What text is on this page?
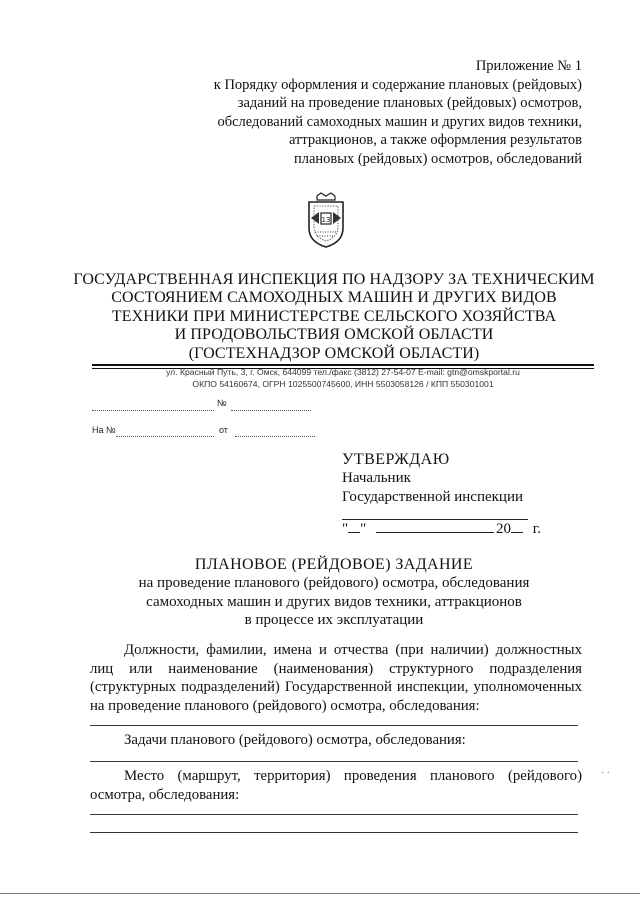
Приложение № 1
к Порядку оформления и содержание плановых (рейдовых)
заданий на проведение плановых (рейдовых) осмотров,
обследований самоходных машин и других видов техники,
аттракционов, а также оформления результатов
плановых (рейдовых) осмотров, обследований
13
ГОСУДАРСТВЕННАЯ ИНСПЕКЦИЯ ПО НАДЗОРУ ЗА ТЕХНИЧЕСКИМ
СОСТОЯНИЕМ САМОХОДНЫХ МАШИН И ДРУГИХ ВИДОВ
ТЕХНИКИ ПРИ МИНИСТЕРСТВЕ СЕЛЬСКОГО ХОЗЯЙСТВА
И ПРОДОВОЛЬСТВИЯ ОМСКОЙ ОБЛАСТИ
(ГОСТЕХНАДЗОР ОМСКОЙ ОБЛАСТИ)
ул. Красный Путь, 3, г. Омск, 644099 тел./факс (3812) 27-54-07 E-mail: gtn@omskportal.ru
ОКПО 54160674, ОГРН 1025500745600, ИНН 5503058126 / КПП 550301001
№
На №	от
УТВЕРЖДАЮ
Начальник
Государственной инспекции
" "	20 г.
ПЛАНОВОЕ (РЕЙДОВОЕ) ЗАДАНИЕ
на проведение планового (рейдового) осмотра, обследования
самоходных машин и других видов техники, аттракционов
в процессе их эксплуатации
Должности, фамилии, имена и отчества (при наличии) должностных
лиц или наименование (наименования) структурного подразделения
(структурных подразделений) Государственной инспекции, уполномоченных
на проведение планового (рейдового) осмотра, обследования:
Задачи планового (рейдового) осмотра, обследования:
Место (маршрут, территория) проведения планового (рейдового)
осмотра, обследования:
· ·
